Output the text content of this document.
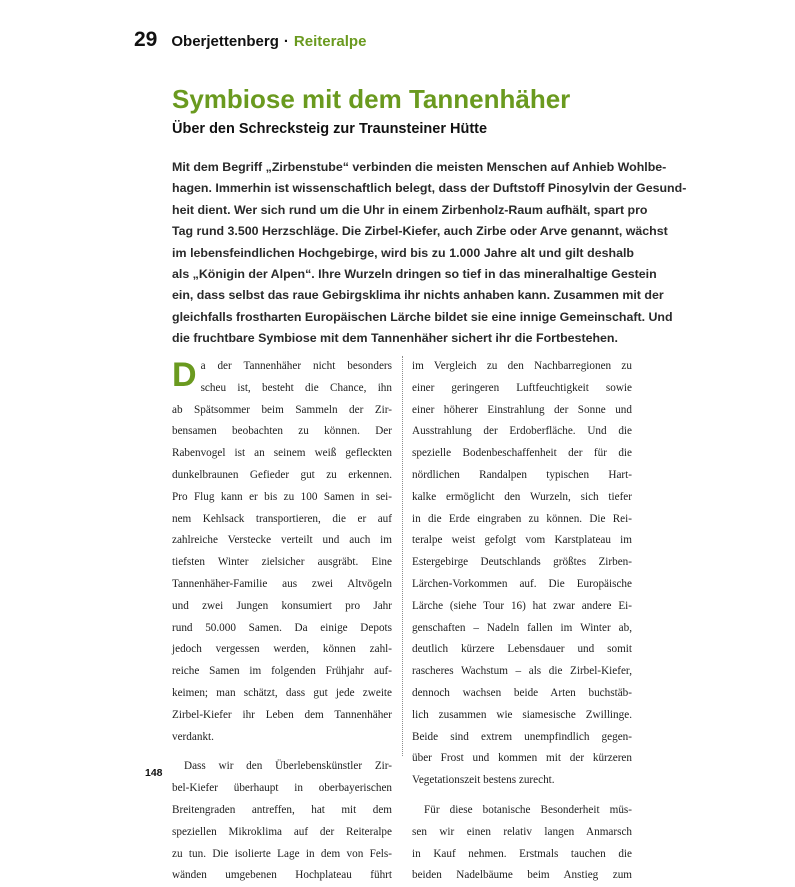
29 Oberjettenberg · Reiteralpe
Symbiose mit dem Tannenhäher
Über den Schrecksteig zur Traunsteiner Hütte
Mit dem Begriff „Zirbenstube“ verbinden die meisten Menschen auf Anhieb Wohlbe-
hagen. Immerhin ist wissenschaftlich belegt, dass der Duftstoff Pinosylvin der Gesund-
heit dient. Wer sich rund um die Uhr in einem Zirbenholz-Raum aufhält, spart pro
Tag rund 3.500 Herzschläge. Die Zirbel-Kiefer, auch Zirbe oder Arve genannt, wächst
im lebensfeindlichen Hochgebirge, wird bis zu 1.000 Jahre alt und gilt deshalb
als „Königin der Alpen“. Ihre Wurzeln dringen so tief in das mineralhaltige Gestein
ein, dass selbst das raue Gebirgsklima ihr nichts anhaben kann. Zusammen mit der
gleichfalls frostharten Europäischen Lärche bildet sie eine innige Gemeinschaft. Und
die fruchtbare Symbiose mit dem Tannenhäher sichert ihr die Fortbestehen.
D a der Tannenhäher nicht besonders
scheu ist, besteht die Chance, ihn
ab Spätsommer beim Sammeln der Zir-
bensamen beobachten zu können. Der
Rabenvogel ist an seinem weiß gefleckten
dunkelbraunen Gefieder gut zu erkennen.
Pro Flug kann er bis zu 100 Samen in sei-
nem Kehlsack transportieren, die er auf
zahlreiche Verstecke verteilt und auch im
tiefsten Winter zielsicher ausgräbt. Eine
Tannenhäher-Familie aus zwei Altvögeln
und zwei Jungen konsumiert pro Jahr
rund 50.000 Samen. Da einige Depots
jedoch vergessen werden, können zahl-
reiche Samen im folgenden Frühjahr auf-
keimen; man schätzt, dass gut jede zweite
Zirbel-Kiefer ihr Leben dem Tannenhäher
verdankt.
Dass wir den Überlebenskünstler Zir-
bel-Kiefer überhaupt in oberbayerischen
Breitengraden antreffen, hat mit dem
speziellen Mikroklima auf der Reiteralpe
zu tun. Die isolierte Lage in dem von Fels-
wänden umgebenen Hochplateau führt
im Vergleich zu den Nachbarregionen zu
einer geringeren Luftfeuchtigkeit sowie
einer höherer Einstrahlung der Sonne und
Ausstrahlung der Erdoberfläche. Und die
spezielle Bodenbeschaffenheit der für die
nördlichen Randalpen typischen Hart-
kalke ermöglicht den Wurzeln, sich tiefer
in die Erde eingraben zu können. Die Rei-
teralpe weist gefolgt vom Karstplateau im
Estergebirge Deutschlands größtes Zirben-
Lärchen-Vorkommen auf. Die Europäische
Lärche (siehe Tour 16) hat zwar andere Ei-
genschaften – Nadeln fallen im Winter ab,
deutlich kürzere Lebensdauer und somit
rascheres Wachstum – als die Zirbel-Kiefer,
dennoch wachsen beide Arten buchstäb-
lich zusammen wie siamesische Zwillinge.
Beide sind extrem unempfindlich gegen-
über Frost und kommen mit der kürzeren
Vegetationszeit bestens zurecht.
Für diese botanische Besonderheit müs-
sen wir einen relativ langen Anmarsch
in Kauf nehmen. Erstmals tauchen die
beiden Nadelbäume beim Anstieg zum
148
